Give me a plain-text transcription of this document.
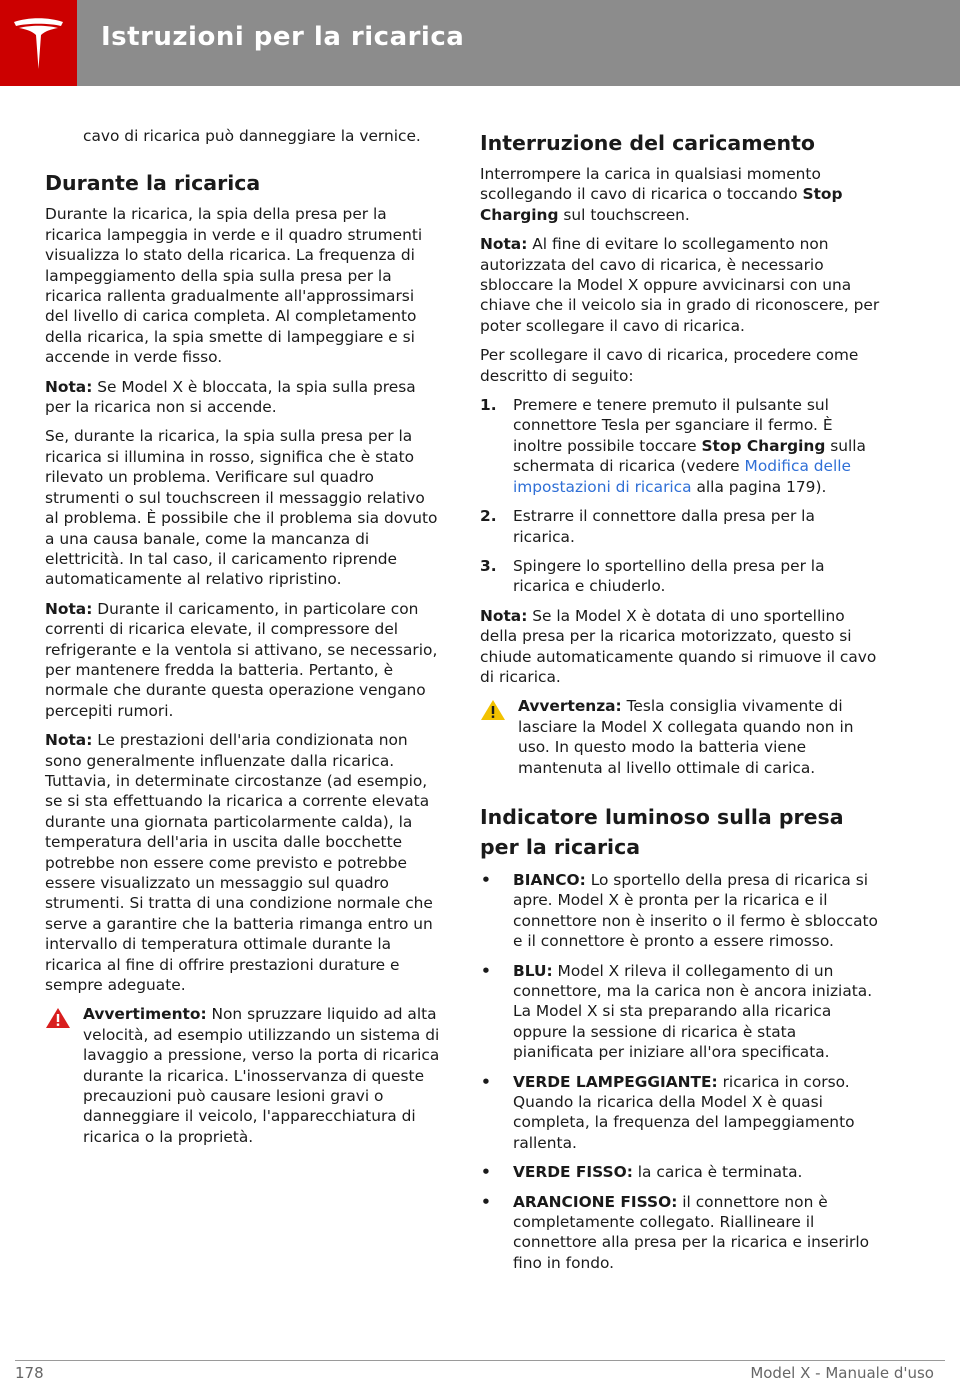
Istruzioni per la ricarica

cavo di ricarica può danneggiare la vernice.

Durante la ricarica

Durante la ricarica, la spia della presa per la ricarica lampeggia in verde e il quadro strumenti visualizza lo stato della ricarica. La frequenza di lampeggiamento della spia sulla presa per la ricarica rallenta gradualmente all'approssimarsi del livello di carica completa. Al completamento della ricarica, la spia smette di lampeggiare e si accende in verde fisso.

Nota: Se Model X è bloccata, la spia sulla presa per la ricarica non si accende.

Se, durante la ricarica, la spia sulla presa per la ricarica si illumina in rosso, significa che è stato rilevato un problema. Verificare sul quadro strumenti o sul touchscreen il messaggio relativo al problema. È possibile che il problema sia dovuto a una causa banale, come la mancanza di elettricità. In tal caso, il caricamento riprende automaticamente al relativo ripristino.

Nota: Durante il caricamento, in particolare con correnti di ricarica elevate, il compressore del refrigerante e la ventola si attivano, se necessario, per mantenere fredda la batteria. Pertanto, è normale che durante questa operazione vengano percepiti rumori.

Nota: Le prestazioni dell'aria condizionata non sono generalmente influenzate dalla ricarica. Tuttavia, in determinate circostanze (ad esempio, se si sta effettuando la ricarica a corrente elevata durante una giornata particolarmente calda), la temperatura dell'aria in uscita dalle bocchette potrebbe non essere come previsto e potrebbe essere visualizzato un messaggio sul quadro strumenti. Si tratta di una condizione normale che serve a garantire che la batteria rimanga entro un intervallo di temperatura ottimale durante la ricarica al fine di offrire prestazioni durature e sempre adeguate.

Avvertimento: Non spruzzare liquido ad alta velocità, ad esempio utilizzando un sistema di lavaggio a pressione, verso la porta di ricarica durante la ricarica. L'inosservanza di queste precauzioni può causare lesioni gravi o danneggiare il veicolo, l'apparecchiatura di ricarica o la proprietà.
Interruzione del caricamento

Interrompere la carica in qualsiasi momento scollegando il cavo di ricarica o toccando Stop Charging sul touchscreen.

Nota: Al fine di evitare lo scollegamento non autorizzata del cavo di ricarica, è necessario sbloccare la Model X oppure avvicinarsi con una chiave che il veicolo sia in grado di riconoscere, per poter scollegare il cavo di ricarica.

Per scollegare il cavo di ricarica, procedere come descritto di seguito:

1. Premere e tenere premuto il pulsante sul connettore Tesla per sganciare il fermo. È inoltre possibile toccare Stop Charging sulla schermata di ricarica (vedere Modifica delle impostazioni di ricarica alla pagina 179).
2. Estrarre il connettore dalla presa per la ricarica.
3. Spingere lo sportellino della presa per la ricarica e chiuderlo.

Nota: Se la Model X è dotata di uno sportellino della presa per la ricarica motorizzato, questo si chiude automaticamente quando si rimuove il cavo di ricarica.

Avvertenza: Tesla consiglia vivamente di lasciare la Model X collegata quando non in uso. In questo modo la batteria viene mantenuta al livello ottimale di carica.
Indicatore luminoso sulla presa per la ricarica
• BIANCO: Lo sportello della presa di ricarica si apre. Model X è pronta per la ricarica e il connettore non è inserito o il fermo è sbloccato e il connettore è pronto a essere rimosso.
• BLU: Model X rileva il collegamento di un connettore, ma la carica non è ancora iniziata. La Model X si sta preparando alla ricarica oppure la sessione di ricarica è stata pianificata per iniziare all'ora specificata.
• VERDE LAMPEGGIANTE: ricarica in corso. Quando la ricarica della Model X è quasi completa, la frequenza del lampeggiamento rallenta.
• VERDE FISSO: la carica è terminata.
• ARANCIONE FISSO: il connettore non è completamente collegato. Riallineare il connettore alla presa per la ricarica e inserirlo fino in fondo.
178	Model X - Manuale d'uso
